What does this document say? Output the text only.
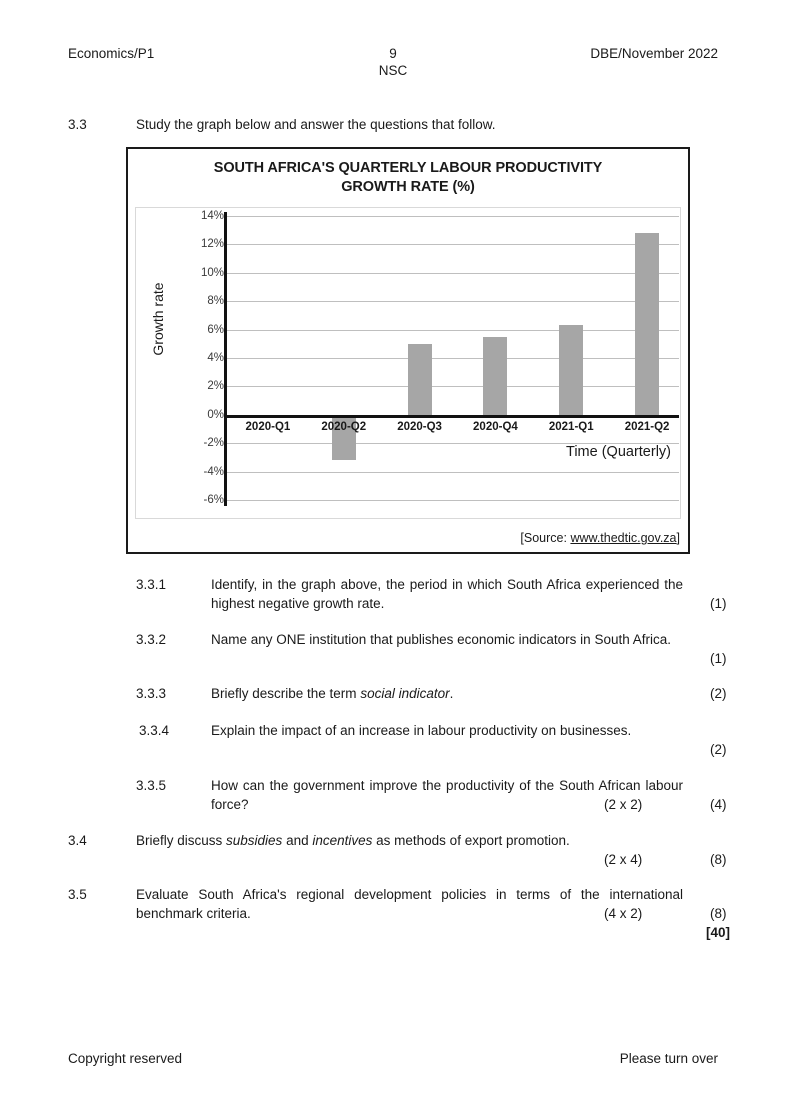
Economics/P1	9
NSC
DBE/November 2022
3.3	Study the graph below and answer the questions that follow.
SOUTH AFRICA'S QUARTERLY LABOUR PRODUCTIVITY
GROWTH RATE (%)
Growth rate
14%
12%
10%
8%
6%
4%
2%
0%
-2%
-4%
-6%
2020-Q1	2020-Q2	2020-Q3	2020-Q4	2021-Q1	2021-Q2
Time (Quarterly)
[Source: www.thedtic.gov.za]
3.3.1	Identify, in the graph above, the period in which South Africa experienced the highest negative growth rate.	(1)
3.3.2	Name any ONE institution that publishes economic indicators in South Africa.
(1)
3.3.3	Briefly describe the term social indicator.	(2)
3.3.4	Explain the impact of an increase in labour productivity on businesses.
(2)
3.3.5	How can the government improve the productivity of the South African labour force?	(2 x 2)	(4)
3.4	Briefly discuss subsidies and incentives as methods of export promotion.
(2 x 4)	(8)
3.5	Evaluate South Africa's regional development policies in terms of the international benchmark criteria.	(4 x 2)	(8)
[40]
Copyright reserved	Please turn over
